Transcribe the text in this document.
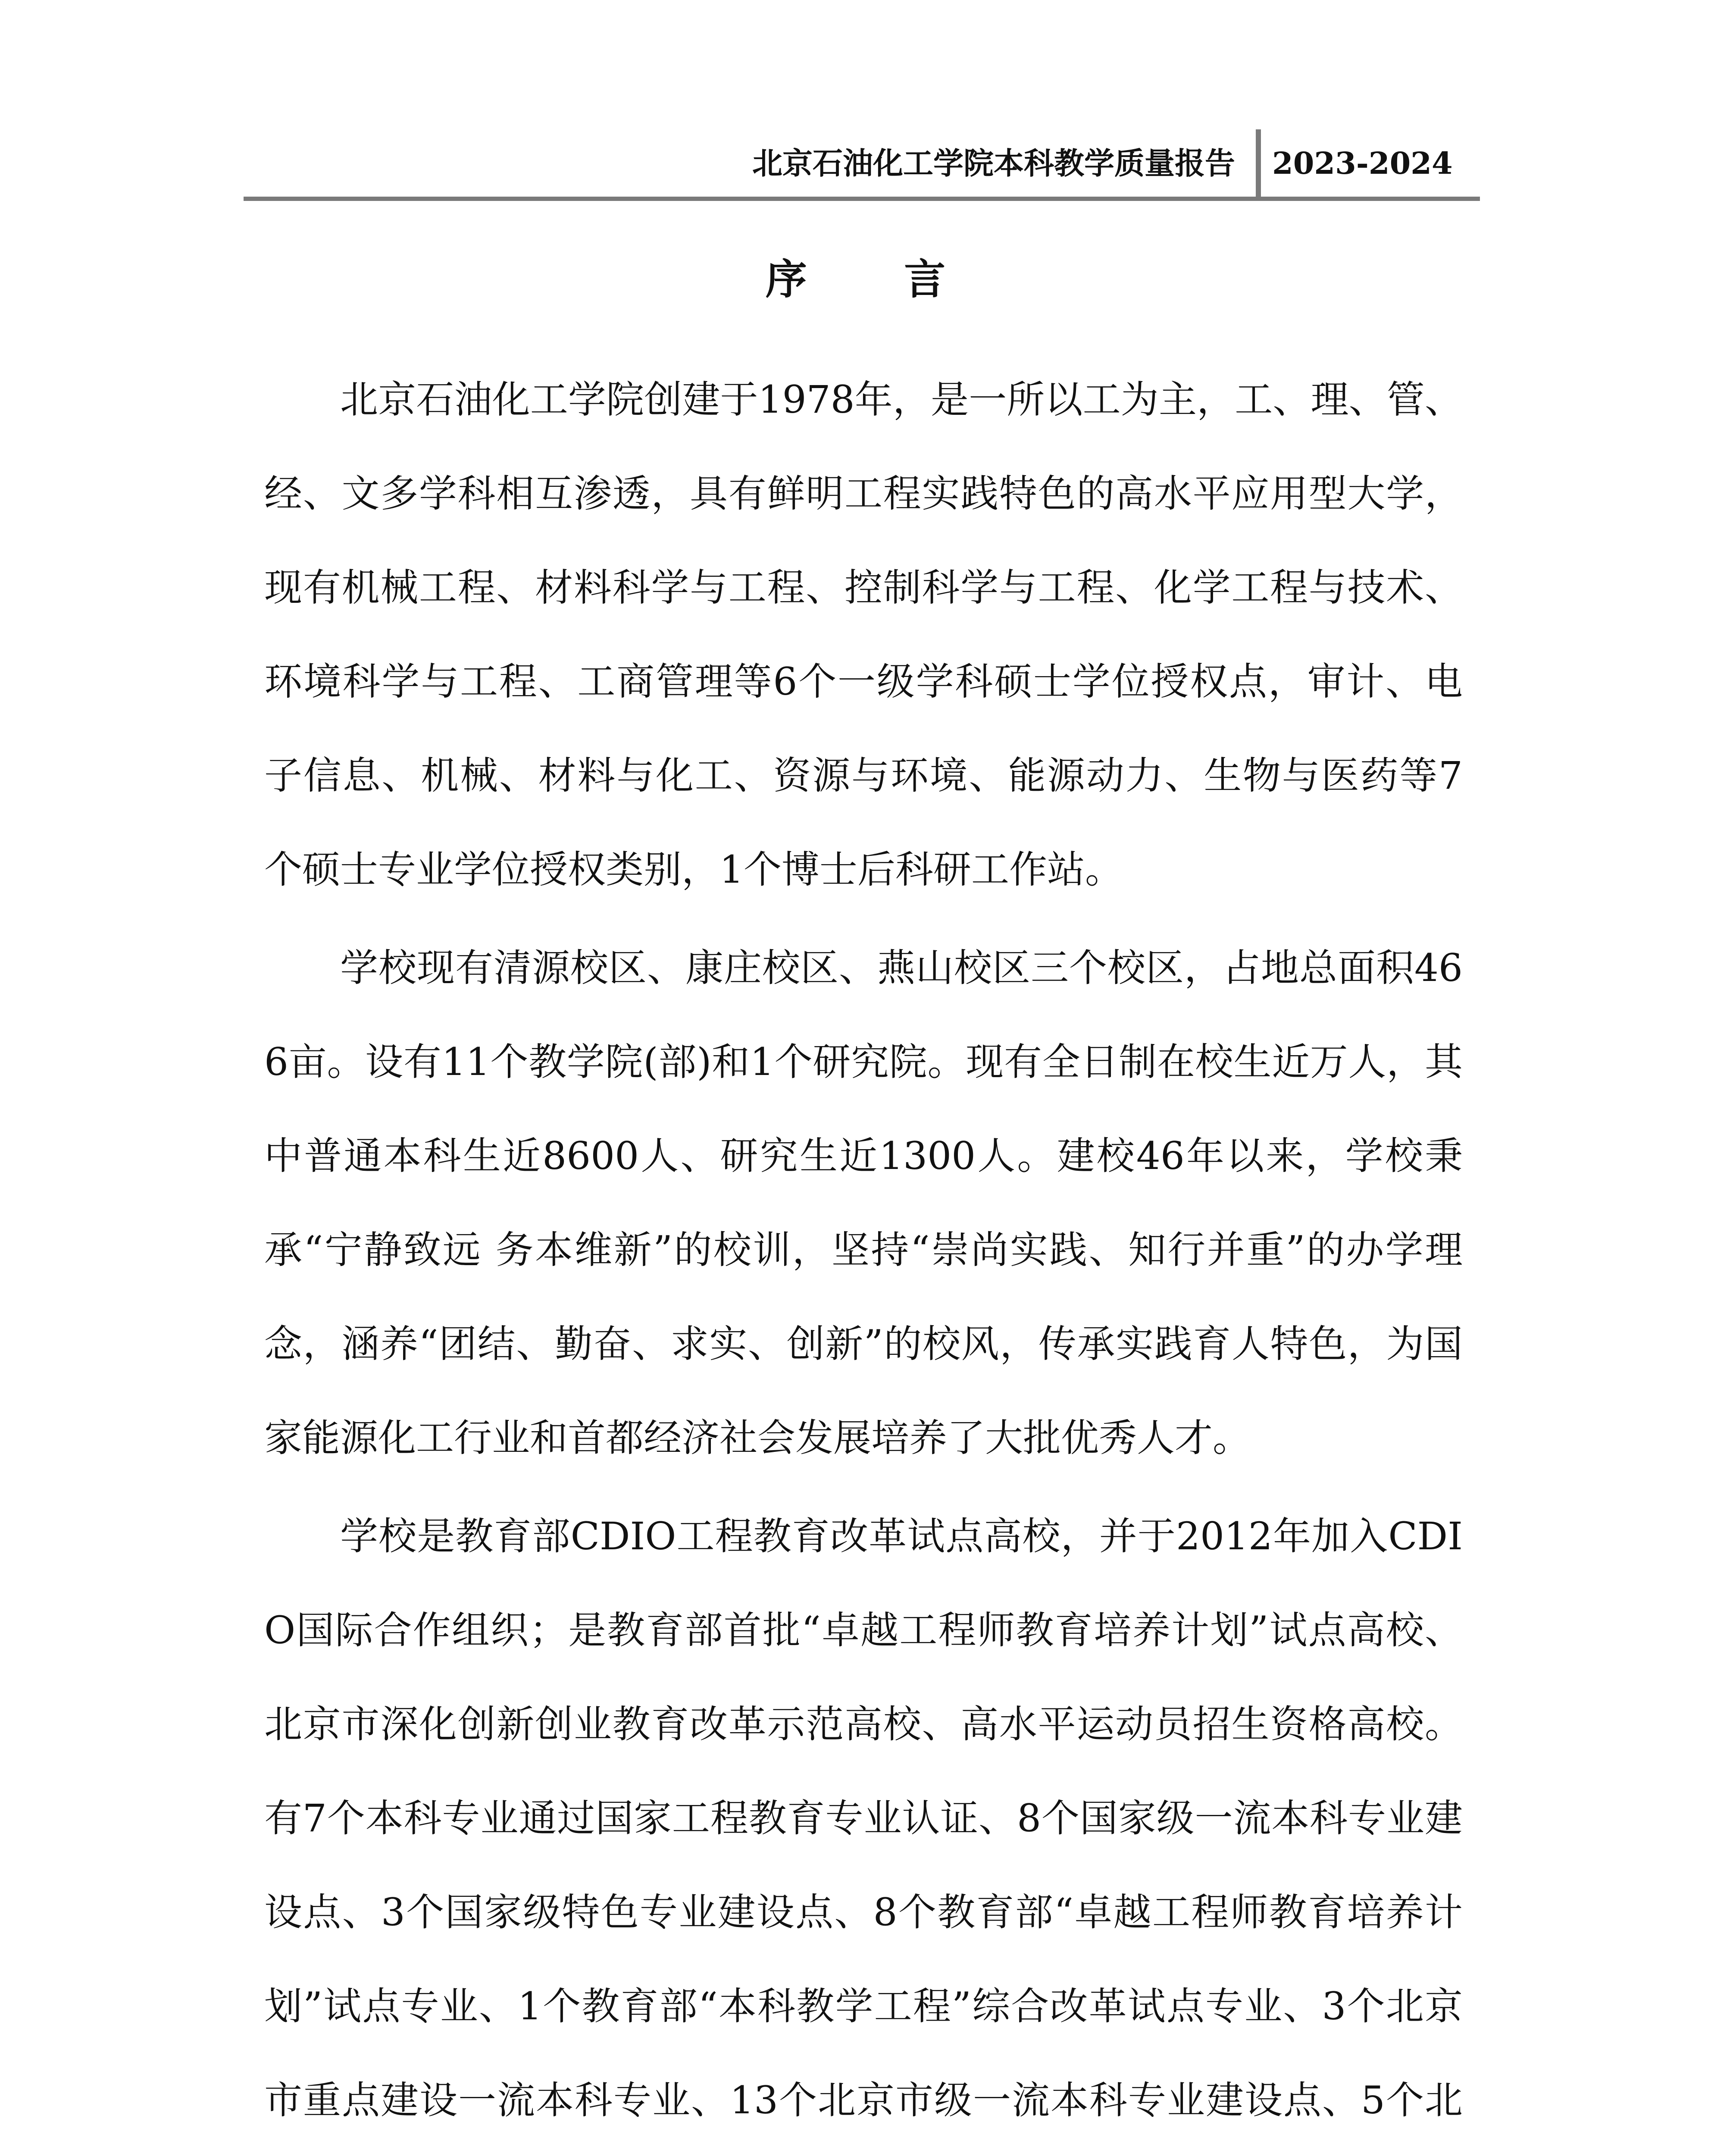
北京石油化工学院本科教学质量报告 2023-2024
序 言

北京石油化工学院创建于1978年，是一所以工为主，工、理、管、经、文多学科相互渗透，具有鲜明工程实践特色的高水平应用型大学，现有机械工程、材料科学与工程、控制科学与工程、化学工程与技术、环境科学与工程、工商管理等6个一级学科硕士学位授权点，审计、电子信息、机械、材料与化工、资源与环境、能源动力、生物与医药等7个硕士专业学位授权类别，1个博士后科研工作站。

学校现有清源校区、康庄校区、燕山校区三个校区，占地总面积466亩。设有11个教学院(部)和1个研究院。现有全日制在校生近万人，其中普通本科生近8600人、研究生近1300人。建校46年以来，学校秉承“宁静致远 务本维新”的校训，坚持“崇尚实践、知行并重”的办学理念，涵养“团结、勤奋、求实、创新”的校风，传承实践育人特色，为国家能源化工行业和首都经济社会发展培养了大批优秀人才。

学校是教育部CDIO工程教育改革试点高校，并于2012年加入CDIO国际合作组织；是教育部首批“卓越工程师教育培养计划”试点高校、北京市深化创新创业教育改革示范高校、高水平运动员招生资格高校。有7个本科专业通过国家工程教育专业认证、8个国家级一流本科专业建设点、3个国家级特色专业建设点、8个教育部“卓越工程师教育培养计划”试点专业、1个教育部“本科教学工程”综合改革试点专业、3个北京市重点建设一流本科专业、13个北京市级一流本科专业建设点、5个北
